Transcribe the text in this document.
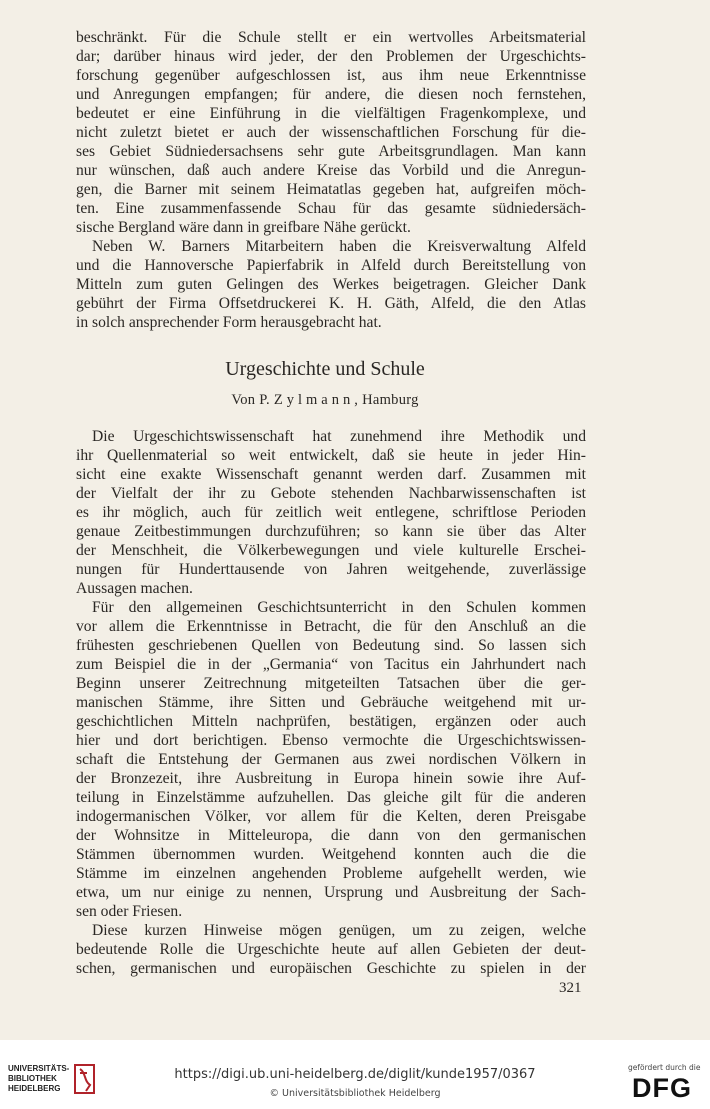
beschränkt. Für die Schule stellt er ein wertvolles Arbeitsmaterial
dar; darüber hinaus wird jeder, der den Problemen der Urgeschichts-
forschung gegenüber aufgeschlossen ist, aus ihm neue Erkenntnisse
und Anregungen empfangen; für andere, die diesen noch fernstehen,
bedeutet er eine Einführung in die vielfältigen Fragenkomplexe, und
nicht zuletzt bietet er auch der wissenschaftlichen Forschung für die-
ses Gebiet Südniedersachsens sehr gute Arbeitsgrundlagen. Man kann
nur wünschen, daß auch andere Kreise das Vorbild und die Anregun-
gen, die Barner mit seinem Heimatatlas gegeben hat, aufgreifen möch-
ten. Eine zusammenfassende Schau für das gesamte südniedersäch-
sische Bergland wäre dann in greifbare Nähe gerückt.
Neben W. Barners Mitarbeitern haben die Kreisverwaltung Alfeld
und die Hannoversche Papierfabrik in Alfeld durch Bereitstellung von
Mitteln zum guten Gelingen des Werkes beigetragen. Gleicher Dank
gebührt der Firma Offsetdruckerei K. H. Gäth, Alfeld, die den Atlas
in solch ansprechender Form herausgebracht hat.
Urgeschichte und Schule
Von P. Zylmann, Hamburg
Die Urgeschichtswissenschaft hat zunehmend ihre Methodik und
ihr Quellenmaterial so weit entwickelt, daß sie heute in jeder Hin-
sicht eine exakte Wissenschaft genannt werden darf. Zusammen mit
der Vielfalt der ihr zu Gebote stehenden Nachbarwissenschaften ist
es ihr möglich, auch für zeitlich weit entlegene, schriftlose Perioden
genaue Zeitbestimmungen durchzuführen; so kann sie über das Alter
der Menschheit, die Völkerbewegungen und viele kulturelle Erschei-
nungen für Hunderttausende von Jahren weitgehende, zuverlässige
Aussagen machen.
Für den allgemeinen Geschichtsunterricht in den Schulen kommen
vor allem die Erkenntnisse in Betracht, die für den Anschluß an die
frühesten geschriebenen Quellen von Bedeutung sind. So lassen sich
zum Beispiel die in der „Germania“ von Tacitus ein Jahrhundert nach
Beginn unserer Zeitrechnung mitgeteilten Tatsachen über die ger-
manischen Stämme, ihre Sitten und Gebräuche weitgehend mit ur-
geschichtlichen Mitteln nachprüfen, bestätigen, ergänzen oder auch
hier und dort berichtigen. Ebenso vermochte die Urgeschichtswissen-
schaft die Entstehung der Germanen aus zwei nordischen Völkern in
der Bronzezeit, ihre Ausbreitung in Europa hinein sowie ihre Auf-
teilung in Einzelstämme aufzuhellen. Das gleiche gilt für die anderen
indogermanischen Völker, vor allem für die Kelten, deren Preisgabe
der Wohnsitze in Mitteleuropa, die dann von den germanischen
Stämmen übernommen wurden. Weitgehend konnten auch die die
Stämme im einzelnen angehenden Probleme aufgehellt werden, wie
etwa, um nur einige zu nennen, Ursprung und Ausbreitung der Sach-
sen oder Friesen.
Diese kurzen Hinweise mögen genügen, um zu zeigen, welche
bedeutende Rolle die Urgeschichte heute auf allen Gebieten der deut-
schen, germanischen und europäischen Geschichte zu spielen in der
321
UNIVERSITÄTS-
BIBLIOTHEK
HEIDELBERG
https://digi.ub.uni-heidelberg.de/diglit/kunde1957/0367
© Universitätsbibliothek Heidelberg
gefördert durch die
DFG
